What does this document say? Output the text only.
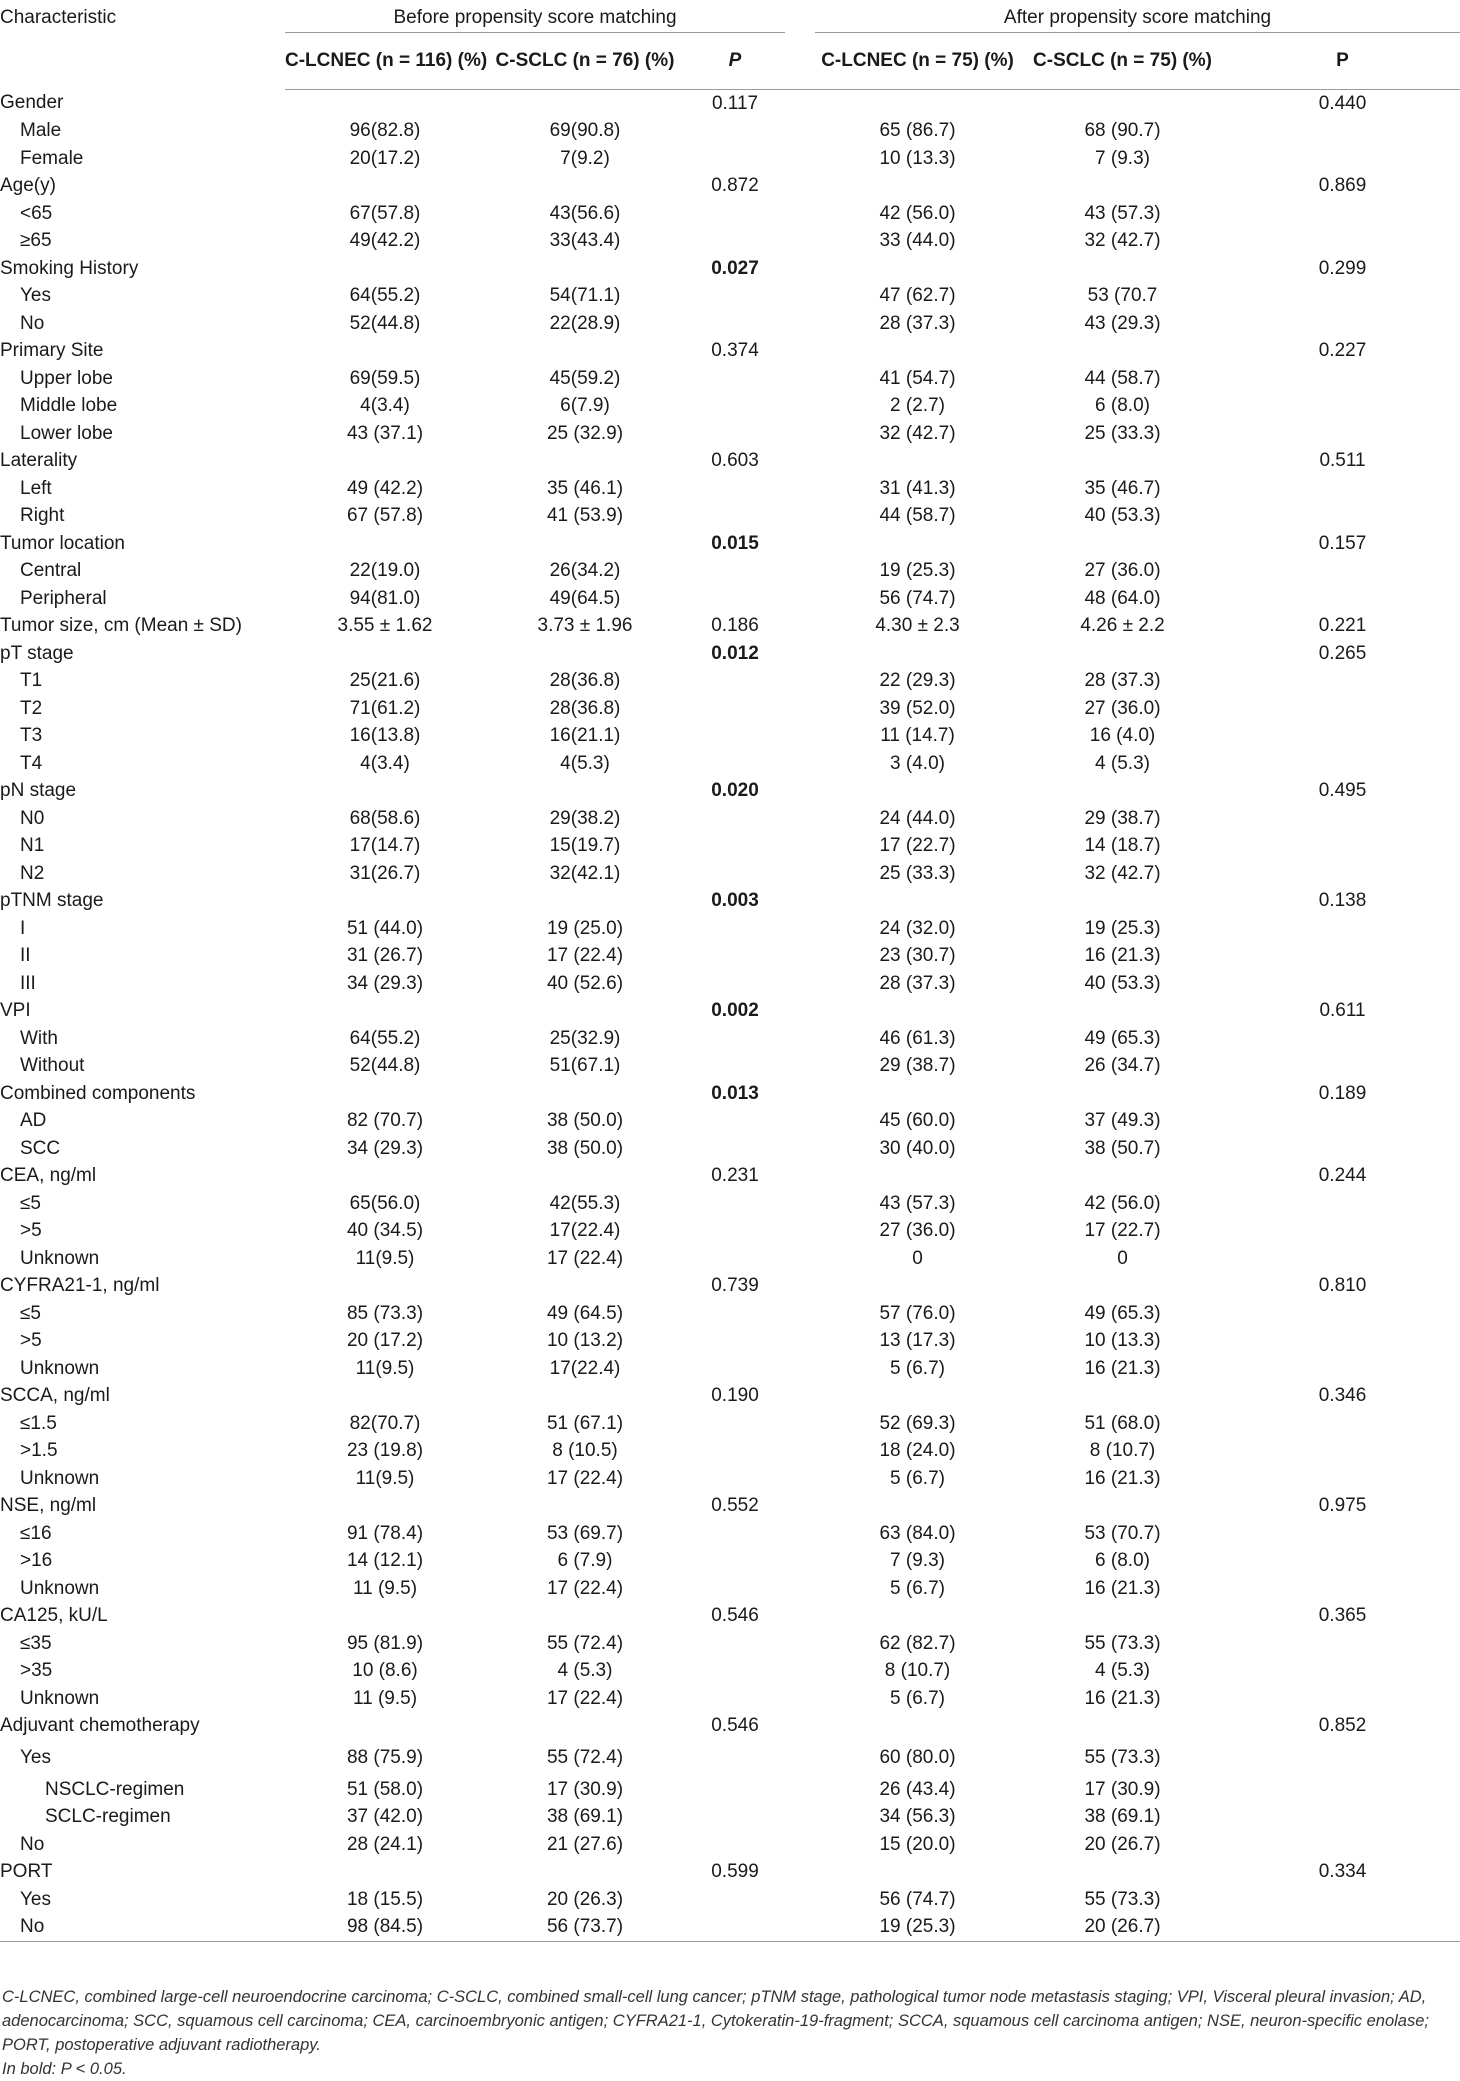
Characteristic	Before propensity score matching				After propensity score matching		
	C-LCNEC (n = 116) (%)	C-SCLC (n = 76) (%)	P		C-LCNEC (n = 75) (%)	C-SCLC (n = 75) (%)	P
Gender			0.117				0.440
Male	96(82.8)	69(90.8)			65 (86.7)	68 (90.7)	
Female	20(17.2)	7(9.2)			10 (13.3)	7 (9.3)	
Age(y)			0.872				0.869
<65	67(57.8)	43(56.6)			42 (56.0)	43 (57.3)	
≥65	49(42.2)	33(43.4)			33 (44.0)	32 (42.7)	
Smoking History			0.027				0.299
Yes	64(55.2)	54(71.1)			47 (62.7)	53 (70.7	
No	52(44.8)	22(28.9)			28 (37.3)	43 (29.3)	
Primary Site			0.374				0.227
Upper lobe	69(59.5)	45(59.2)			41 (54.7)	44 (58.7)	
Middle lobe	4(3.4)	6(7.9)			2 (2.7)	6 (8.0)	
Lower lobe	43 (37.1)	25 (32.9)			32 (42.7)	25 (33.3)	
Laterality			0.603				0.511
Left	49 (42.2)	35 (46.1)			31 (41.3)	35 (46.7)	
Right	67 (57.8)	41 (53.9)			44 (58.7)	40 (53.3)	
Tumor location			0.015				0.157
Central	22(19.0)	26(34.2)			19 (25.3)	27 (36.0)	
Peripheral	94(81.0)	49(64.5)			56 (74.7)	48 (64.0)	
Tumor size, cm (Mean ± SD)	3.55 ± 1.62	3.73 ± 1.96	0.186		4.30 ± 2.3	4.26 ± 2.2	0.221
pT stage			0.012				0.265
T1	25(21.6)	28(36.8)			22 (29.3)	28 (37.3)	
T2	71(61.2)	28(36.8)			39 (52.0)	27 (36.0)	
T3	16(13.8)	16(21.1)			11 (14.7)	16 (4.0)	
T4	4(3.4)	4(5.3)			3 (4.0)	4 (5.3)	
pN stage			0.020				0.495
N0	68(58.6)	29(38.2)			24 (44.0)	29 (38.7)	
N1	17(14.7)	15(19.7)			17 (22.7)	14 (18.7)	
N2	31(26.7)	32(42.1)			25 (33.3)	32 (42.7)	
pTNM stage			0.003				0.138
I	51 (44.0)	19 (25.0)			24 (32.0)	19 (25.3)	
II	31 (26.7)	17 (22.4)			23 (30.7)	16 (21.3)	
III	34 (29.3)	40 (52.6)			28 (37.3)	40 (53.3)	
VPI			0.002				0.611
With	64(55.2)	25(32.9)			46 (61.3)	49 (65.3)	
Without	52(44.8)	51(67.1)			29 (38.7)	26 (34.7)	
Combined components			0.013				0.189
AD	82 (70.7)	38 (50.0)			45 (60.0)	37 (49.3)	
SCC	34 (29.3)	38 (50.0)			30 (40.0)	38 (50.7)	
CEA, ng/ml			0.231				0.244
≤5	65(56.0)	42(55.3)			43 (57.3)	42 (56.0)	
>5	40 (34.5)	17(22.4)			27 (36.0)	17 (22.7)	
Unknown	11(9.5)	17 (22.4)			0	0	
CYFRA21-1, ng/ml			0.739				0.810
≤5	85 (73.3)	49 (64.5)			57 (76.0)	49 (65.3)	
>5	20 (17.2)	10 (13.2)			13 (17.3)	10 (13.3)	
Unknown	11(9.5)	17(22.4)			5 (6.7)	16 (21.3)	
SCCA, ng/ml			0.190				0.346
≤1.5	82(70.7)	51 (67.1)			52 (69.3)	51 (68.0)	
>1.5	23 (19.8)	8 (10.5)			18 (24.0)	8 (10.7)	
Unknown	11(9.5)	17 (22.4)			5 (6.7)	16 (21.3)	
NSE, ng/ml			0.552				0.975
≤16	91 (78.4)	53 (69.7)			63 (84.0)	53 (70.7)	
>16	14 (12.1)	6 (7.9)			7 (9.3)	6 (8.0)	
Unknown	11 (9.5)	17 (22.4)			5 (6.7)	16 (21.3)	
CA125, kU/L			0.546				0.365
≤35	95 (81.9)	55 (72.4)			62 (82.7)	55 (73.3)	
>35	10 (8.6)	4 (5.3)			8 (10.7)	4 (5.3)	
Unknown	11 (9.5)	17 (22.4)			5 (6.7)	16 (21.3)	
Adjuvant chemotherapy			0.546				0.852
Yes	88 (75.9)	55 (72.4)			60 (80.0)	55 (73.3)	
NSCLC-regimen	51 (58.0)	17 (30.9)			26 (43.4)	17 (30.9)	
SCLC-regimen	37 (42.0)	38 (69.1)			34 (56.3)	38 (69.1)	
No	28 (24.1)	21 (27.6)			15 (20.0)	20 (26.7)	
PORT			0.599				0.334
Yes	18 (15.5)	20 (26.3)			56 (74.7)	55 (73.3)	
No	98 (84.5)	56 (73.7)			19 (25.3)	20 (26.7)	

C-LCNEC, combined large-cell neuroendocrine carcinoma; C-SCLC, combined small-cell lung cancer; pTNM stage, pathological tumor node metastasis staging; VPI, Visceral pleural invasion; AD, adenocarcinoma; SCC, squamous cell carcinoma; CEA, carcinoembryonic antigen; CYFRA21-1, Cytokeratin-19-fragment; SCCA, squamous cell carcinoma antigen; NSE, neuron-specific enolase; PORT, postoperative adjuvant radiotherapy.

In bold: P < 0.05.
